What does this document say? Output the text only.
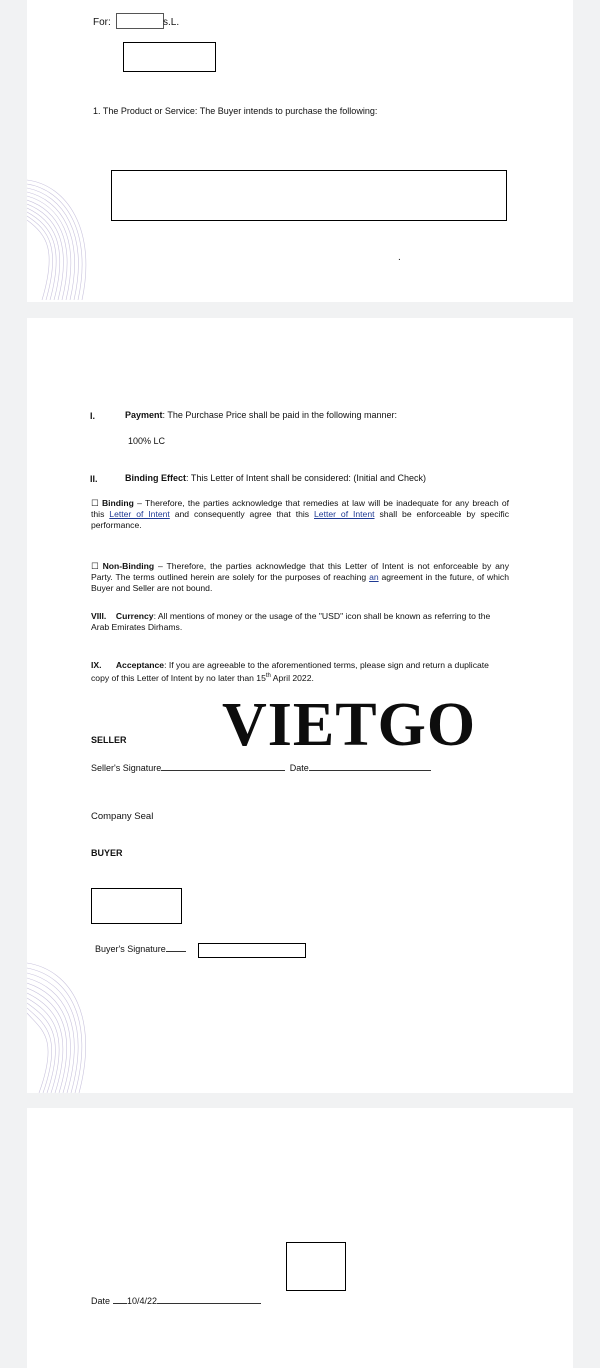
For:	s.L.
1. The Product or Service: The Buyer intends to purchase the following:
.
I.	Payment: The Purchase Price shall be paid in the following manner:
100% LC
II.	Binding Effect: This Letter of Intent shall be considered: (Initial and Check)
☐ Binding – Therefore, the parties acknowledge that remedies at law will be inadequate for any breach of this Letter of Intent and consequently agree that this Letter of Intent shall be enforceable by specific performance.
☐ Non-Binding – Therefore, the parties acknowledge that this Letter of Intent is not enforceable by any Party. The terms outlined herein are solely for the purposes of reaching an agreement in the future, of which Buyer and Seller are not bound.
VIII. Currency: All mentions of money or the usage of the "USD" icon shall be known as referring to the Arab Emirates Dirhams.
IX. Acceptance: If you are agreeable to the aforementioned terms, please sign and return a duplicate copy of this Letter of Intent by no later than 15th April 2022.
VIETGO
SELLER
Seller's Signature	Date
Company Seal
BUYER
Buyer's Signature
Date 10/4/22
